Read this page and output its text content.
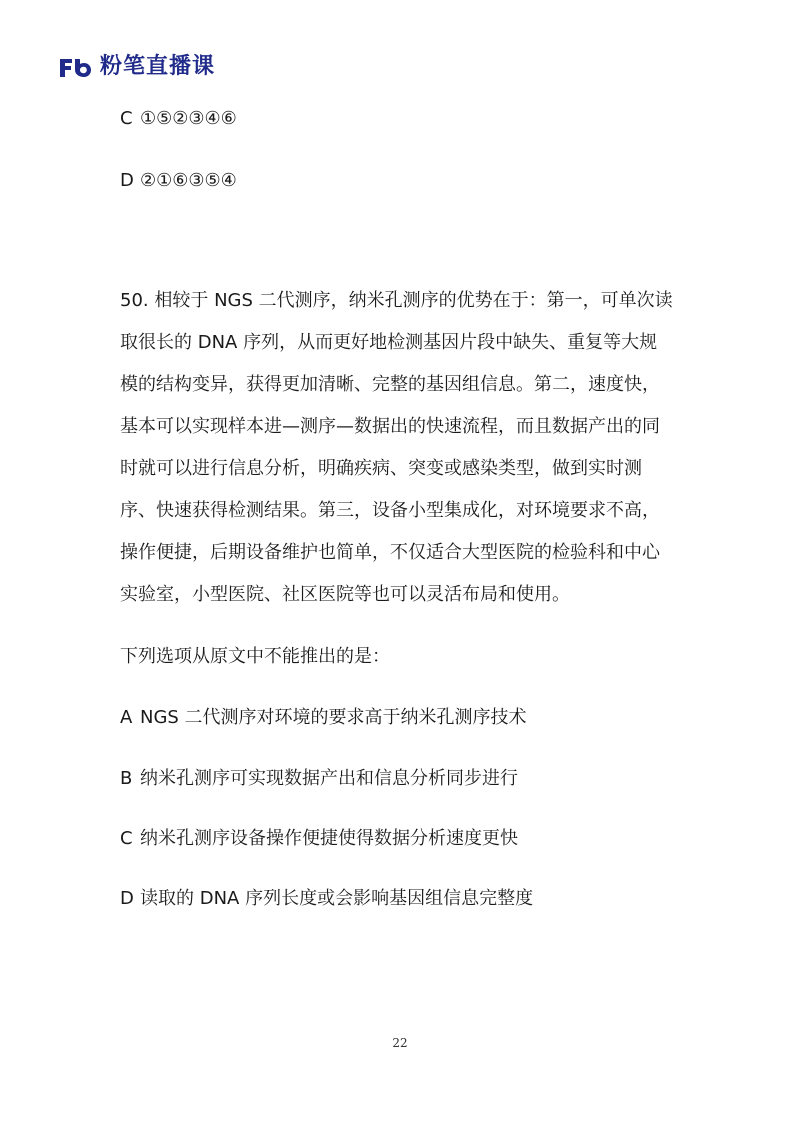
粉笔直播课
C ①⑤②③④⑥
D ②①⑥③⑤④
50. 相较于 NGS 二代测序，纳米孔测序的优势在于：第一，可单次读
取很长的 DNA 序列，从而更好地检测基因片段中缺失、重复等大规
模的结构变异，获得更加清晰、完整的基因组信息。第二，速度快，
基本可以实现样本进—测序—数据出的快速流程，而且数据产出的同
时就可以进行信息分析，明确疾病、突变或感染类型，做到实时测
序、快速获得检测结果。第三，设备小型集成化，对环境要求不高，
操作便捷，后期设备维护也简单，不仅适合大型医院的检验科和中心
实验室，小型医院、社区医院等也可以灵活布局和使用。
下列选项从原文中不能推出的是：
A NGS 二代测序对环境的要求高于纳米孔测序技术
B 纳米孔测序可实现数据产出和信息分析同步进行
C 纳米孔测序设备操作便捷使得数据分析速度更快
D 读取的 DNA 序列长度或会影响基因组信息完整度
22
